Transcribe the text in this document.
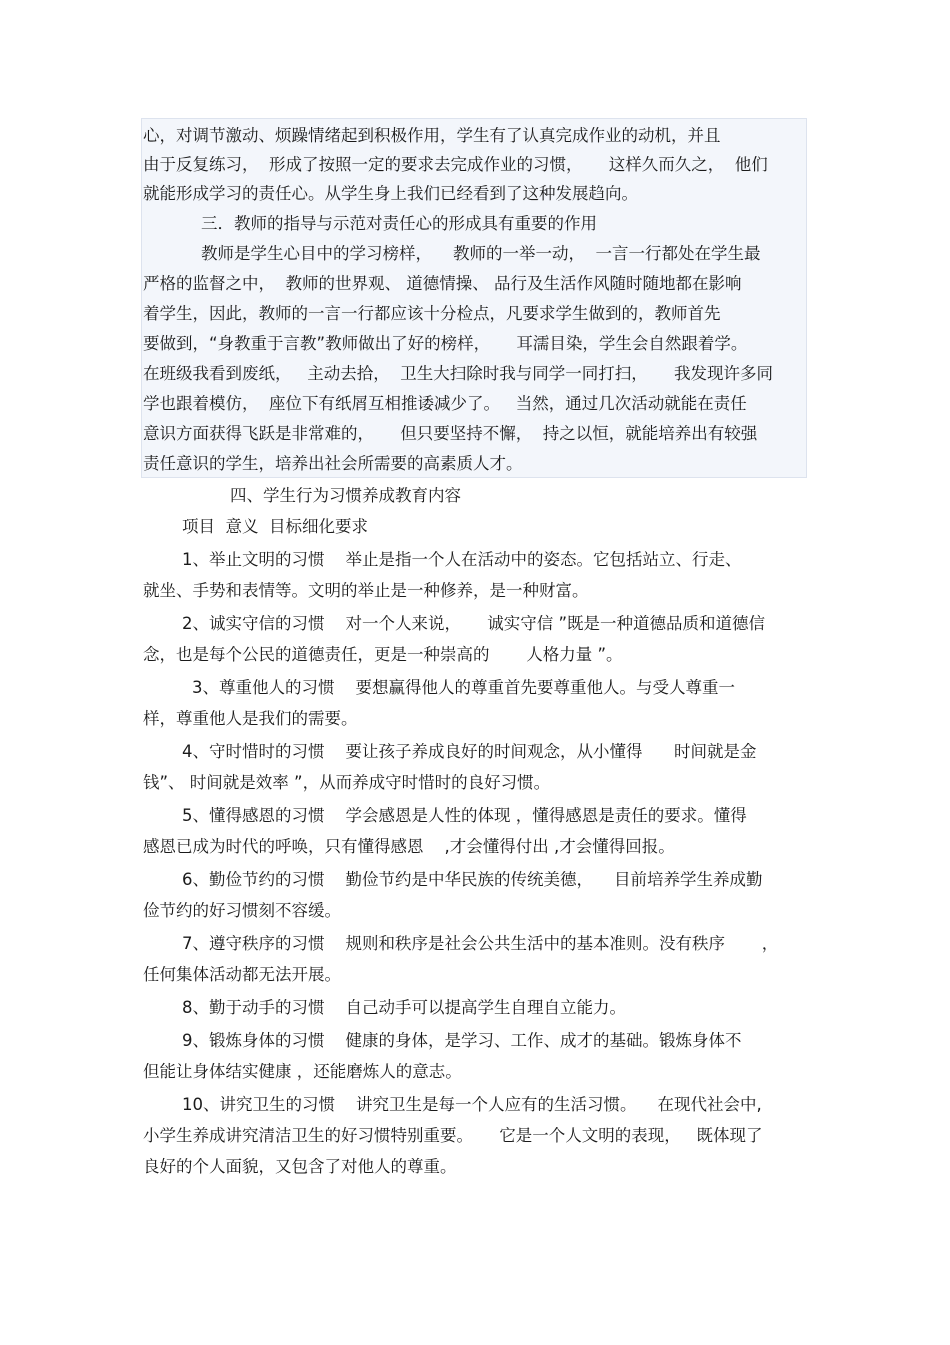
心，对调节激动、烦躁情绪起到积极作用，学生有了认真完成作业的动机，并且
由于反复练习，  形成了按照一定的要求去完成作业的习惯，     这样久而久之，  他们
就能形成学习的责任心。从学生身上我们已经看到了这种发展趋向。
三．教师的指导与示范对责任心的形成具有重要的作用
教师是学生心目中的学习榜样，    教师的一举一动，  一言一行都处在学生最
严格的监督之中，  教师的世界观、 道德情操、 品行及生活作风随时随地都在影响
着学生，因此，教师的一言一行都应该十分检点，凡要求学生做到的，教师首先
要做到，“身教重于言教”教师做出了好的榜样，     耳濡目染，学生会自然跟着学。
在班级我看到废纸，   主动去拾，  卫生大扫除时我与同学一同打扫，     我发现许多同
学也跟着模仿，  座位下有纸屑互相推诿减少了。   当然，通过几次活动就能在责任
意识方面获得飞跃是非常难的，     但只要坚持不懈，  持之以恒，就能培养出有较强
责任意识的学生，培养出社会所需要的高素质人才。
四、学生行为习惯养成教育内容
项目  意义  目标细化要求
1、举止文明的习惯    举止是指一个人在活动中的姿态。它包括站立、行走、
就坐、手势和表情等。文明的举止是一种修养，是一种财富。
2、诚实守信的习惯    对一个人来说，     诚实守信 ”既是一种道德品质和道德信
念，也是每个公民的道德责任，更是一种崇高的       人格力量 ”。
3、尊重他人的习惯    要想赢得他人的尊重首先要尊重他人。与受人尊重一
样，尊重他人是我们的需要。
4、守时惜时的习惯    要让孩子养成良好的时间观念，从小懂得      时间就是金
钱”、 时间就是效率 ”，从而养成守时惜时的良好习惯。
5、懂得感恩的习惯    学会感恩是人性的体现 ，懂得感恩是责任的要求。懂得
感恩已成为时代的呼唤，只有懂得感恩    ,才会懂得付出 ,才会懂得回报。
6、勤俭节约的习惯    勤俭节约是中华民族的传统美德，    目前培养学生养成勤
俭节约的好习惯刻不容缓。
7、遵守秩序的习惯    规则和秩序是社会公共生活中的基本准则。没有秩序       ，
任何集体活动都无法开展。
8、勤于动手的习惯    自己动手可以提高学生自理自立能力。
9、锻炼身体的习惯    健康的身体，是学习、工作、成才的基础。锻炼身体不
但能让身体结实健康 ，还能磨炼人的意志。
10、讲究卫生的习惯    讲究卫生是每一个人应有的生活习惯。    在现代社会中,
小学生养成讲究清洁卫生的好习惯特别重要。     它是一个人文明的表现，   既体现了
良好的个人面貌，又包含了对他人的尊重。
